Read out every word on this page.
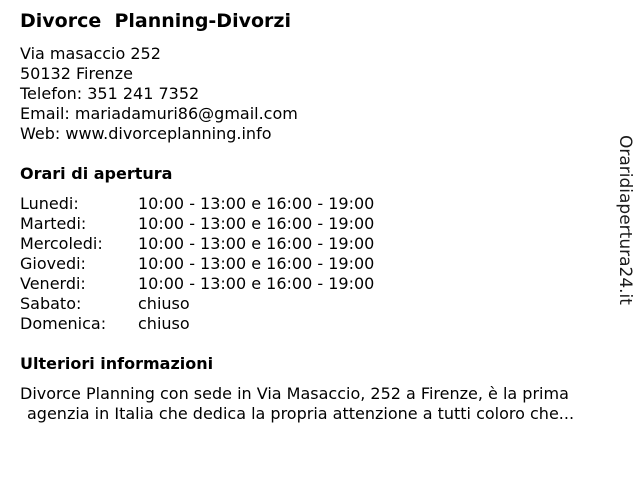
Divorce  Planning-Divorzi
Via masaccio 252
50132 Firenze
Telefon: 351 241 7352
Email: mariadamuri86@gmail.com
Web: www.divorceplanning.info
Orari di apertura
Lunedi:	10:00 - 13:00 e 16:00 - 19:00
Martedi:	10:00 - 13:00 e 16:00 - 19:00
Mercoledi:	10:00 - 13:00 e 16:00 - 19:00
Giovedi:	10:00 - 13:00 e 16:00 - 19:00
Venerdi:	10:00 - 13:00 e 16:00 - 19:00
Sabato:	chiuso
Domenica:	chiuso
Ulteriori informazioni
Divorce Planning con sede in Via Masaccio, 252 a Firenze, è la prima
agenzia in Italia che dedica la propria attenzione a tutti coloro che...
Oraridiapertura24.it
